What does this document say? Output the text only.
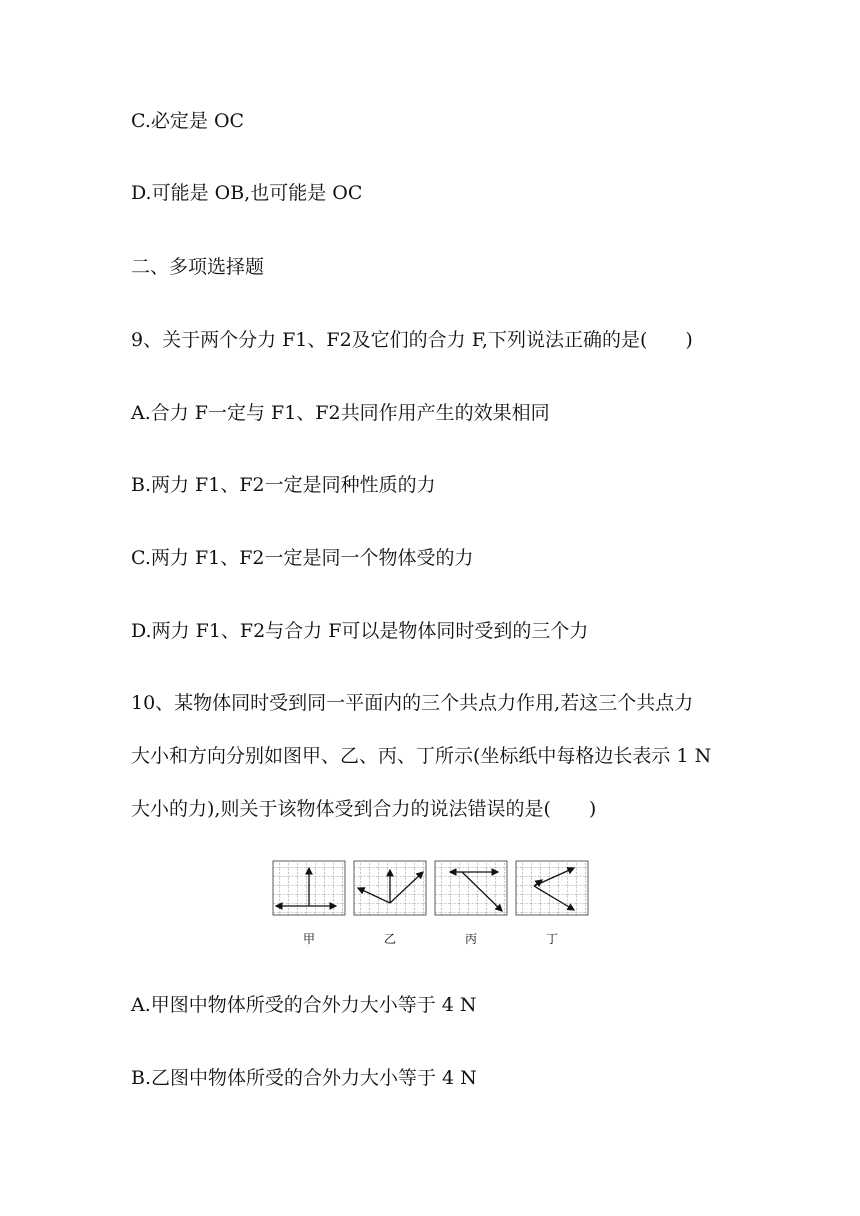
C.必定是 OC
D.可能是 OB,也可能是 OC
二、多项选择题
9、关于两个分力 F1、F2及它们的合力 F,下列说法正确的是(　　)
A.合力 F一定与 F1、F2共同作用产生的效果相同
B.两力 F1、F2一定是同种性质的力
C.两力 F1、F2一定是同一个物体受的力
D.两力 F1、F2与合力 F可以是物体同时受到的三个力
10、某物体同时受到同一平面内的三个共点力作用,若这三个共点力
大小和方向分别如图甲、乙、丙、丁所示(坐标纸中每格边长表示 1 N
大小的力),则关于该物体受到合力的说法错误的是(　　)
甲	乙	丙	丁
A.甲图中物体所受的合外力大小等于 4 N
B.乙图中物体所受的合外力大小等于 4 N
